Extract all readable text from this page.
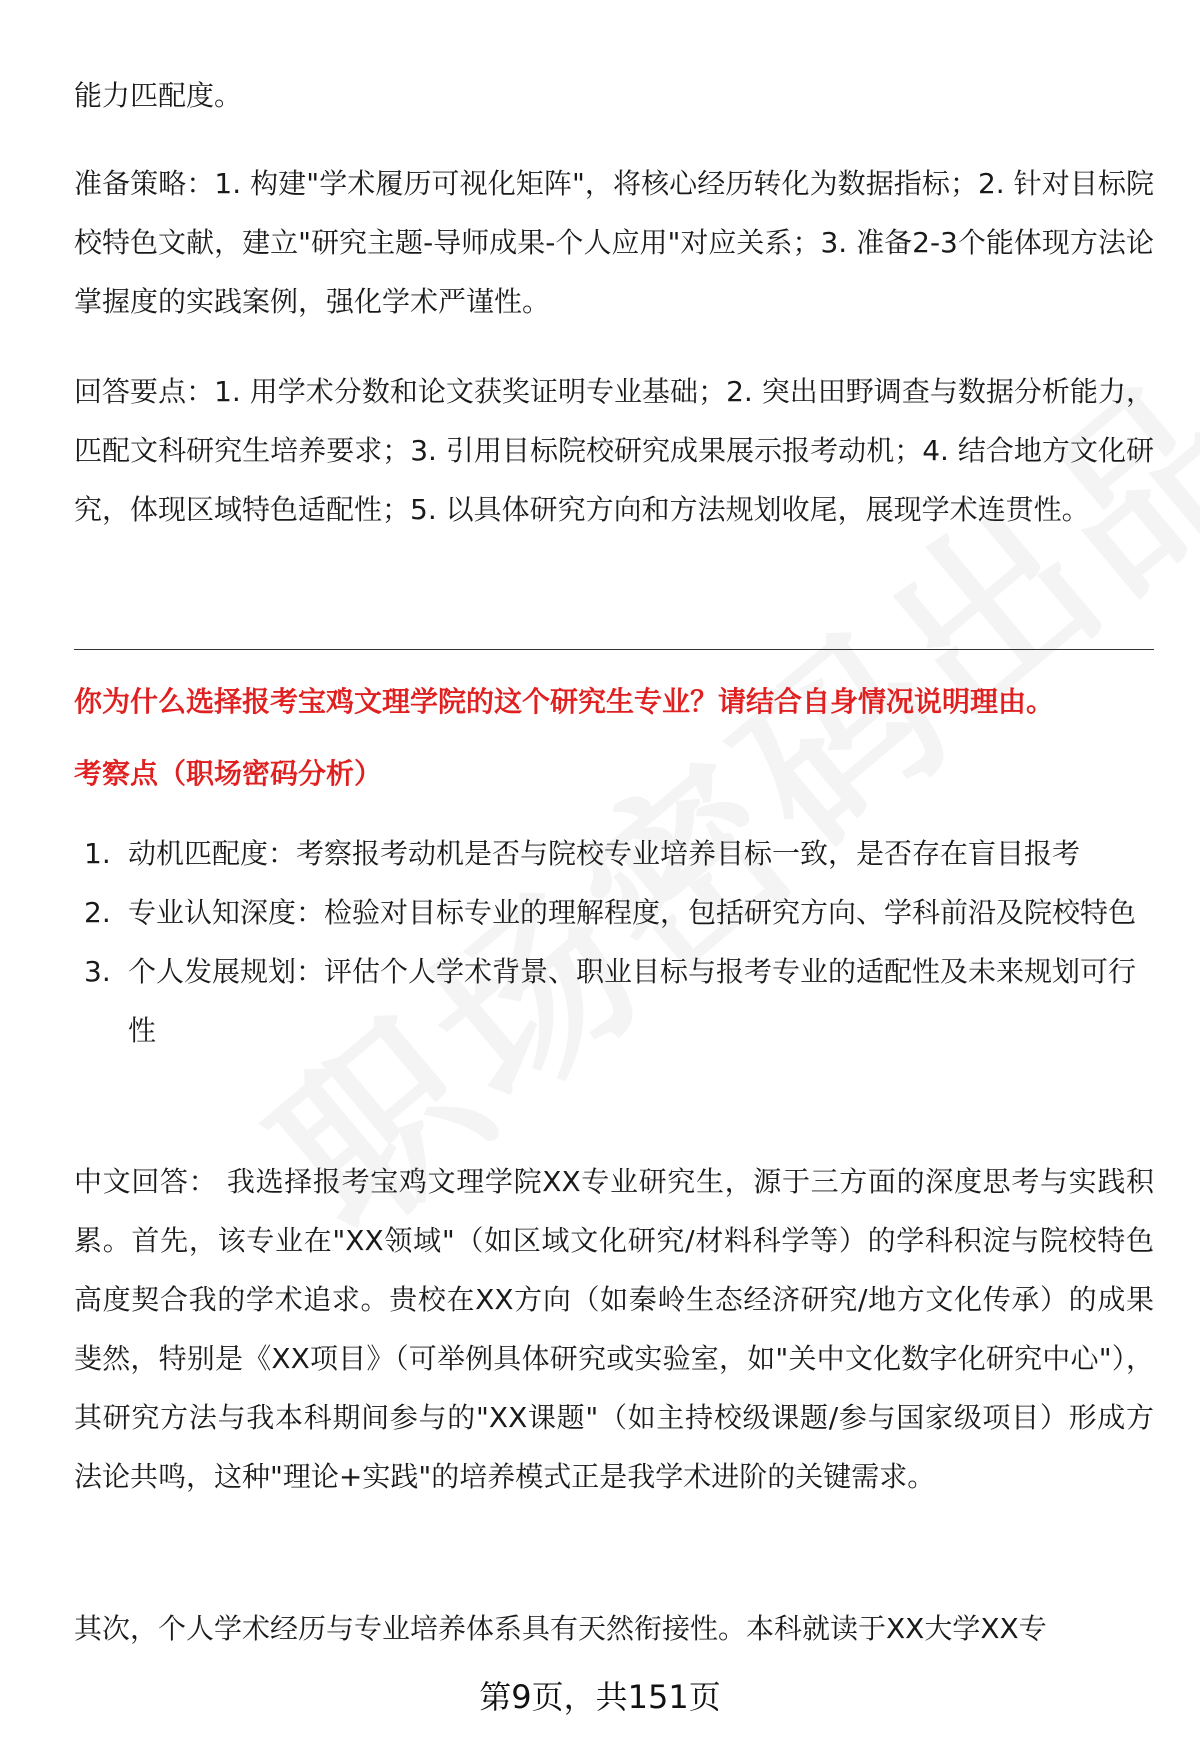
能力匹配度。

准备策略：1. 构建"学术履历可视化矩阵"，将核心经历转化为数据指标；2. 针对目标院校特色文献，建立"研究主题-导师成果-个人应用"对应关系；3. 准备2-3个能体现方法论掌握度的实践案例，强化学术严谨性。

回答要点：1. 用学术分数和论文获奖证明专业基础；2. 突出田野调查与数据分析能力，匹配文科研究生培养要求；3. 引用目标院校研究成果展示报考动机；4. 结合地方文化研究，体现区域特色适配性；5. 以具体研究方向和方法规划收尾，展现学术连贯性。

你为什么选择报考宝鸡文理学院的这个研究生专业？请结合自身情况说明理由。

考察点（职场密码分析）

1. 动机匹配度：考察报考动机是否与院校专业培养目标一致，是否存在盲目报考
2. 专业认知深度：检验对目标专业的理解程度，包括研究方向、学科前沿及院校特色
3. 个人发展规划：评估个人学术背景、职业目标与报考专业的适配性及未来规划可行性

中文回答： 我选择报考宝鸡文理学院XX专业研究生，源于三方面的深度思考与实践积累。首先，该专业在"XX领域"（如区域文化研究/材料科学等）的学科积淀与院校特色高度契合我的学术追求。贵校在XX方向（如秦岭生态经济研究/地方文化传承）的成果斐然，特别是《XX项目》（可举例具体研究或实验室，如"关中文化数字化研究中心"），其研究方法与我本科期间参与的"XX课题"（如主持校级课题/参与国家级项目）形成方法论共鸣，这种"理论+实践"的培养模式正是我学术进阶的关键需求。

其次，个人学术经历与专业培养体系具有天然衔接性。本科就读于XX大学XX专

第9页，共151页
